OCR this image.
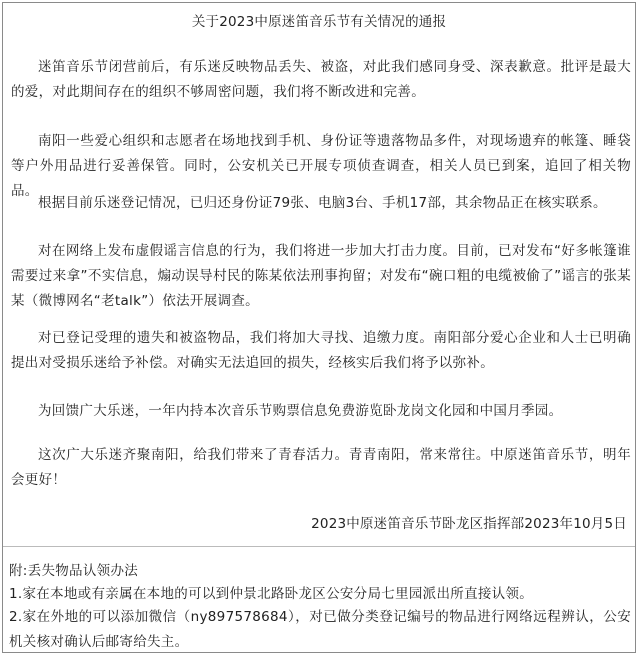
关于2023中原迷笛音乐节有关情况的通报

迷笛音乐节闭营前后，有乐迷反映物品丢失、被盗，对此我们感同身受、深表歉意。批评是最大的爱，对此期间存在的组织不够周密问题，我们将不断改进和完善。

南阳一些爱心组织和志愿者在场地找到手机、身份证等遗落物品多件，对现场遗弃的帐篷、睡袋等户外用品进行妥善保管。同时，公安机关已开展专项侦查调查，相关人员已到案，追回了相关物品。

根据目前乐迷登记情况，已归还身份证79张、电脑3台、手机17部，其余物品正在核实联系。

对在网络上发布虚假谣言信息的行为，我们将进一步加大打击力度。目前，已对发布“好多帐篷谁需要过来拿”不实信息，煽动误导村民的陈某依法刑事拘留；对发布“碗口粗的电缆被偷了”谣言的张某某（微博网名“老talk”）依法开展调查。

对已登记受理的遗失和被盗物品，我们将加大寻找、追缴力度。南阳部分爱心企业和人士已明确提出对受损乐迷给予补偿。对确实无法追回的损失，经核实后我们将予以弥补。

为回馈广大乐迷，一年内持本次音乐节购票信息免费游览卧龙岗文化园和中国月季园。

这次广大乐迷齐聚南阳，给我们带来了青春活力。青青南阳，常来常往。中原迷笛音乐节，明年会更好！

2023中原迷笛音乐节卧龙区指挥部2023年10月5日

附:丢失物品认领办法

1.家在本地或有亲属在本地的可以到仲景北路卧龙区公安分局七里园派出所直接认领。

2.家在外地的可以添加微信（ny897578684），对已做分类登记编号的物品进行网络远程辨认，公安机关核对确认后邮寄给失主。
